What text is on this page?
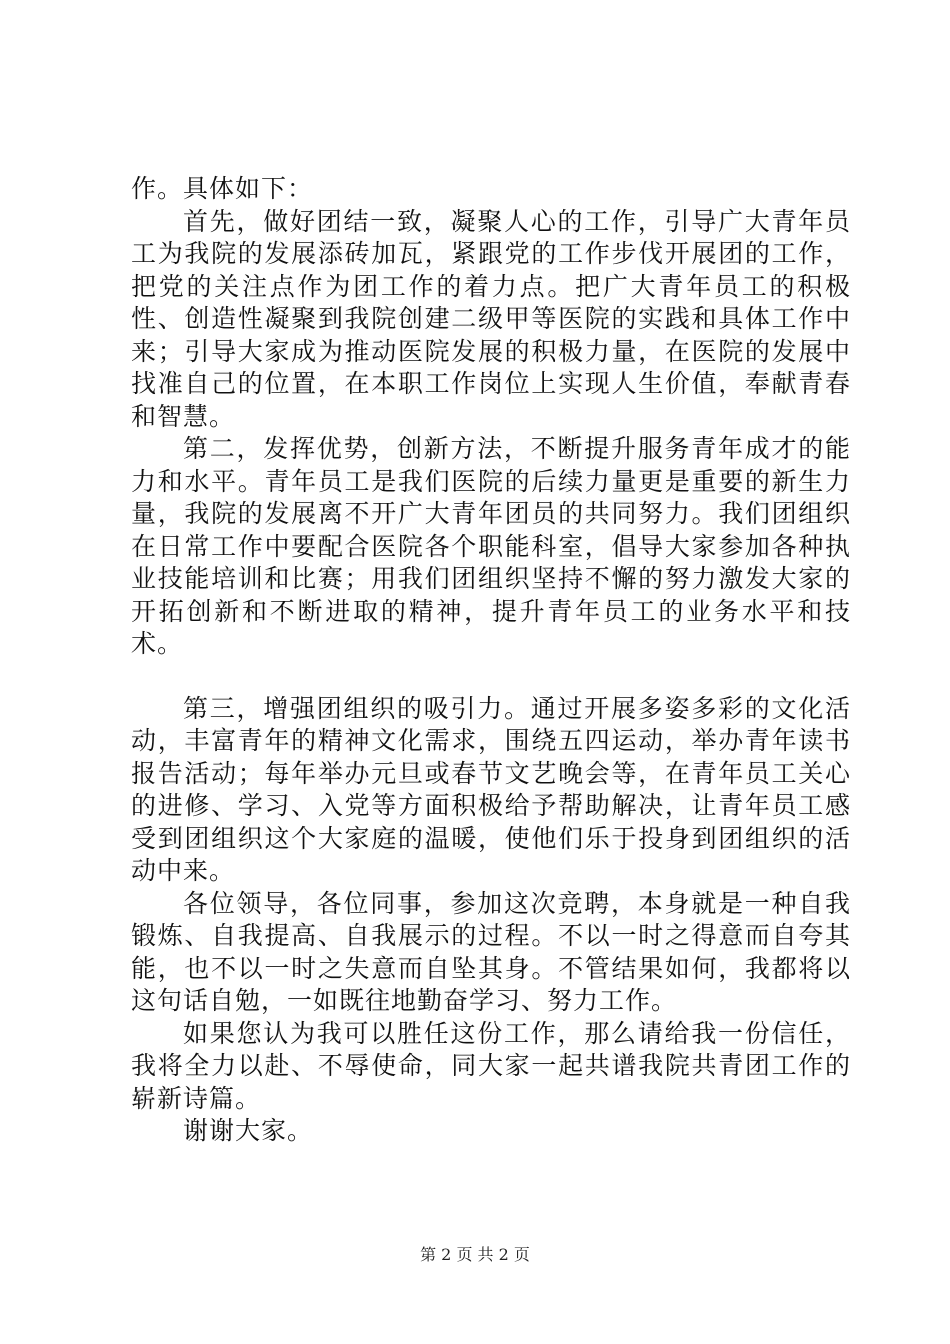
作。具体如下：

首先，做好团结一致，凝聚人心的工作，引导广大青年员工为我院的发展添砖加瓦，紧跟党的工作步伐开展团的工作，把党的关注点作为团工作的着力点。把广大青年员工的积极性、创造性凝聚到我院创建二级甲等医院的实践和具体工作中来；引导大家成为推动医院发展的积极力量，在医院的发展中找准自己的位置，在本职工作岗位上实现人生价值，奉献青春和智慧。

第二，发挥优势，创新方法，不断提升服务青年成才的能力和水平。青年员工是我们医院的后续力量更是重要的新生力量，我院的发展离不开广大青年团员的共同努力。我们团组织在日常工作中要配合医院各个职能科室，倡导大家参加各种执业技能培训和比赛；用我们团组织坚持不懈的努力激发大家的开拓创新和不断进取的精神，提升青年员工的业务水平和技术。

第三，增强团组织的吸引力。通过开展多姿多彩的文化活动，丰富青年的精神文化需求，围绕五四运动，举办青年读书报告活动；每年举办元旦或春节文艺晚会等，在青年员工关心的进修、学习、入党等方面积极给予帮助解决，让青年员工感受到团组织这个大家庭的温暖，使他们乐于投身到团组织的活动中来。

各位领导，各位同事，参加这次竞聘，本身就是一种自我锻炼、自我提高、自我展示的过程。不以一时之得意而自夸其能，也不以一时之失意而自坠其身。不管结果如何，我都将以这句话自勉，一如既往地勤奋学习、努力工作。

如果您认为我可以胜任这份工作，那么请给我一份信任，我将全力以赴、不辱使命，同大家一起共谱我院共青团工作的崭新诗篇。

谢谢大家。

第 2 页 共 2 页
